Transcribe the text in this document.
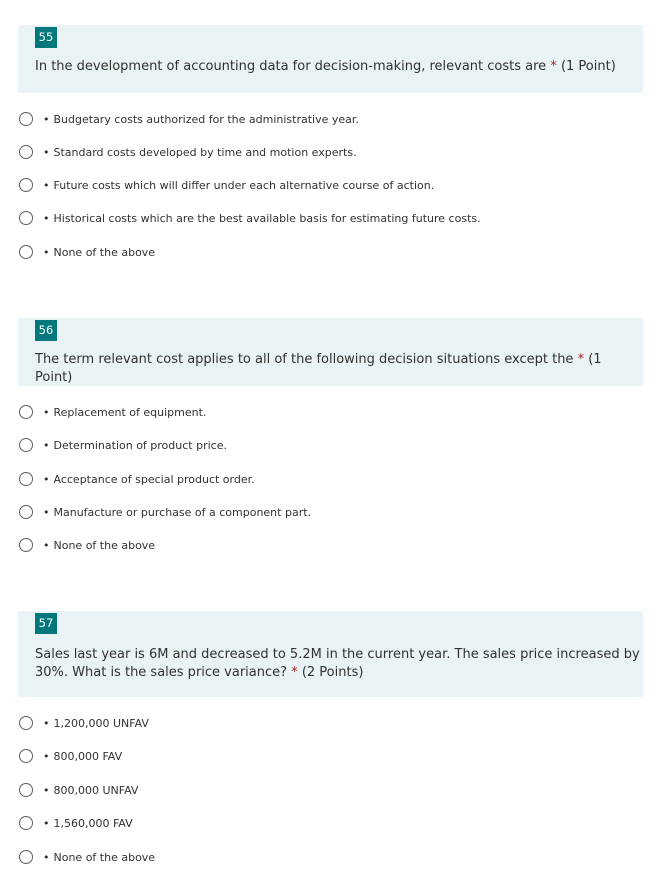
55
In the development of accounting data for decision-making, relevant costs are * (1 Point)
• Budgetary costs authorized for the administrative year.
• Standard costs developed by time and motion experts.
• Future costs which will differ under each alternative course of action.
• Historical costs which are the best available basis for estimating future costs.
• None of the above
56
The term relevant cost applies to all of the following decision situations except the * (1 Point)
• Replacement of equipment.
• Determination of product price.
• Acceptance of special product order.
• Manufacture or purchase of a component part.
• None of the above
57
Sales last year is 6M and decreased to 5.2M in the current year. The sales price increased by
30%. What is the sales price variance? * (2 Points)
• 1,200,000 UNFAV
• 800,000 FAV
• 800,000 UNFAV
• 1,560,000 FAV
• None of the above
